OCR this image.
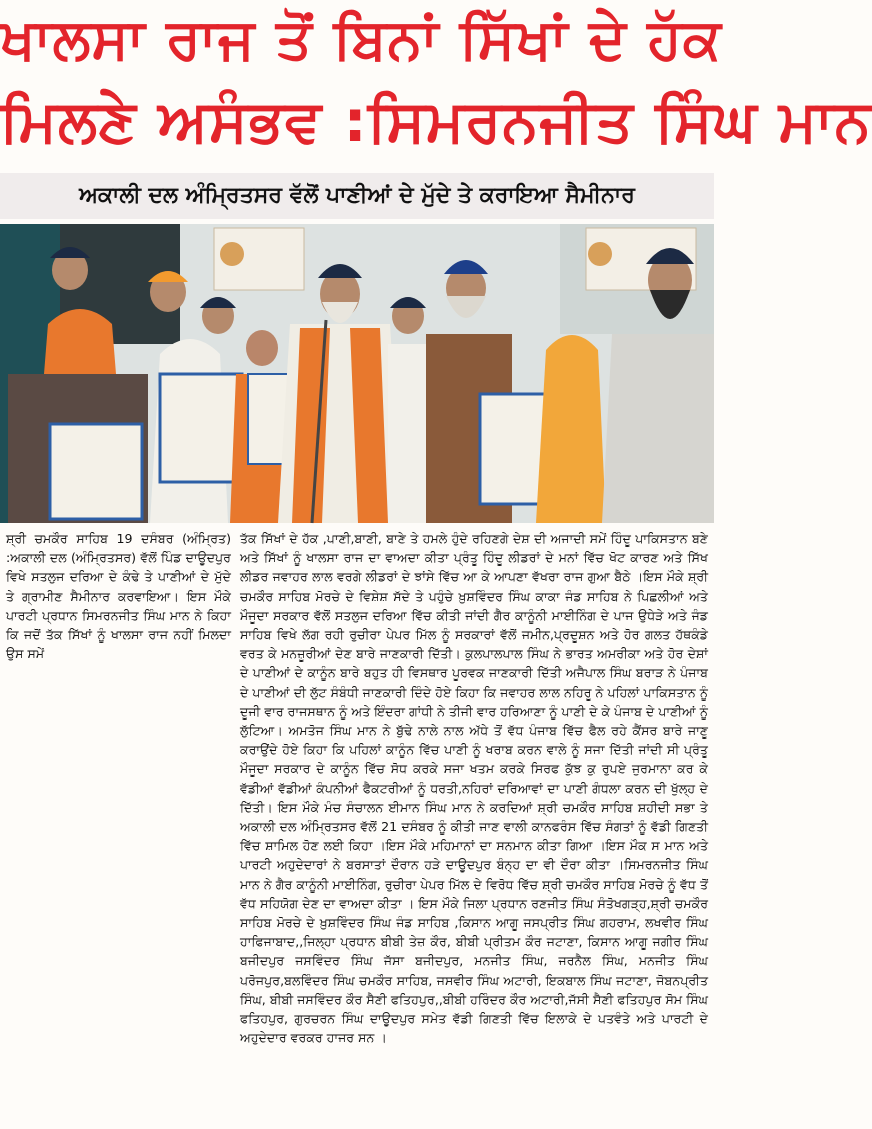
ਖਾਲਸਾ ਰਾਜ ਤੋਂ ਬਿਨਾਂ ਸਿੱਖਾਂ ਦੇ ਹੱਕ
ਮਿਲਣੇ ਅਸੰਭਵ :ਸਿਮਰਨਜੀਤ ਸਿੰਘ ਮਾਨ
ਅਕਾਲੀ ਦਲ ਅੰਮ੍ਰਿਤਸਰ ਵੱਲੋਂ ਪਾਣੀਆਂ ਦੇ ਮੁੱਦੇ ਤੇ ਕਰਾਇਆ ਸੈਮੀਨਾਰ

ਸ਼੍ਰੀ ਚਮਕੌਰ ਸਾਹਿਬ 19 ਦਸੰਬਰ (ਅੰਮ੍ਰਿਤ) :ਅਕਾਲੀ ਦਲ (ਅੰਮ੍ਰਿਤਸਰ) ਵੱਲੋਂ ਪਿੰਡ ਦਾਊਦਪੁਰ ਵਿਖੇ ਸਤਲੁਜ ਦਰਿਆ ਦੇ ਕੰਢੇ ਤੇ ਪਾਣੀਆਂ ਦੇ ਮੁੱਦੇ ਤੇ ਗ੍ਰਾਮੀਣ ਸੈਮੀਨਾਰ ਕਰਵਾਇਆ। ਇਸ ਮੌਕੇ ਪਾਰਟੀ ਪ੍ਰਧਾਨ ਸਿਮਰਨਜੀਤ ਸਿੰਘ ਮਾਨ ਨੇ ਕਿਹਾ ਕਿ ਜਦੋਂ ਤੱਕ ਸਿੱਖਾਂ ਨੂੰ ਖਾਲਸਾ ਰਾਜ ਨਹੀਂ ਮਿਲਦਾ ਉਸ ਸਮੇਂ

ਤੱਕ ਸਿੱਖਾਂ ਦੇ ਹੱਕ ,ਪਾਣੀ,ਬਾਣੀ, ਬਾਣੇ ਤੇ ਹਮਲੇ ਹੁੰਦੇ ਰਹਿਣਗੇ ਦੇਸ਼ ਦੀ ਅਜਾਦੀ ਸਮੇਂ ਹਿੰਦੂ ਪਾਕਿਸਤਾਨ ਬਣੇ ਅਤੇ ਸਿੱਖਾਂ ਨੂੰ ਖਾਲਸਾ ਰਾਜ ਦਾ ਵਾਅਦਾ ਕੀਤਾ ਪ੍ਰੰਤੂ ਹਿੰਦੂ ਲੀਡਰਾਂ ਦੇ ਮਨਾਂ ਵਿੱਚ ਖੋਟ ਕਾਰਣ ਅਤੇ ਸਿੱਖ ਲੀਡਰ ਜਵਾਹਰ ਲਾਲ ਵਰਗੇ ਲੀਡਰਾਂ ਦੇ ਝਾਂਸੇ ਵਿੱਚ ਆ ਕੇ ਆਪਣਾ ਵੱਖਰਾ ਰਾਜ ਗੁਆ ਬੈਠੇ ।ਇਸ ਮੌਕੇ ਸ਼੍ਰੀ ਚਮਕੌਰ ਸਾਹਿਬ ਮੋਰਚੇ ਦੇ ਵਿਸ਼ੇਸ਼ ਸੱਦੇ ਤੇ ਪਹੁੰਚੇ ਖ਼ੁਸ਼ਵਿੰਦਰ ਸਿੰਘ ਕਾਕਾ ਜੰਡ ਸਾਹਿਬ ਨੇ ਪਿਛਲੀਆਂ ਅਤੇ ਮੌਜੂਦਾ ਸਰਕਾਰ ਵੱਲੋਂ ਸਤਲੁਜ ਦਰਿਆ ਵਿੱਚ ਕੀਤੀ ਜਾਂਦੀ ਗੈਰ ਕਾਨੂੰਨੀ ਮਾਈਨਿੰਗ ਦੇ ਪਾਜ ਉਧੇੜੇ ਅਤੇ ਜੰਡ ਸਾਹਿਬ ਵਿਖੇ ਲੱਗ ਰਹੀ ਰੁਚੀਰਾ ਪੇਪਰ ਮਿੱਲ ਨੂੰ ਸਰਕਾਰਾਂ ਵੱਲੋਂ ਜਮੀਨ,ਪ੍ਰਦੂਸ਼ਨ ਅਤੇ ਹੋਰ ਗਲਤ ਹੱਥਕੰਡੇ ਵਰਤ ਕੇ ਮਨਜ਼ੂਰੀਆਂ ਦੇਣ ਬਾਰੇ ਜਾਣਕਾਰੀ ਦਿੱਤੀ। ਕੁਲਪਾਲਪਾਲ ਸਿੰਘ ਨੇ ਭਾਰਤ ਅਮਰੀਕਾ ਅਤੇ ਹੋਰ ਦੇਸ਼ਾਂ ਦੇ ਪਾਣੀਆਂ ਦੇ ਕਾਨੂੰਨ ਬਾਰੇ ਬਹੁਤ ਹੀ ਵਿਸਥਾਰ ਪੂਰਵਕ ਜਾਣਕਾਰੀ ਦਿੱਤੀ ਅਜੈਪਾਲ ਸਿੰਘ ਬਰਾੜ ਨੇ ਪੰਜਾਬ ਦੇ ਪਾਣੀਆਂ ਦੀ ਲੁੱਟ ਸੰਬੰਧੀ ਜਾਣਕਾਰੀ ਦਿੰਦੇ ਹੋਏ ਕਿਹਾ ਕਿ ਜਵਾਹਰ ਲਾਲ ਨਹਿਰੂ ਨੇ ਪਹਿਲਾਂ ਪਾਕਿਸਤਾਨ ਨੂੰ ਦੂਜੀ ਵਾਰ ਰਾਜਸਥਾਨ ਨੂੰ ਅਤੇ ਇੰਦਰਾ ਗਾਂਧੀ ਨੇ ਤੀਜੀ ਵਾਰ ਹਰਿਆਣਾ ਨੂੰ ਪਾਣੀ ਦੇ ਕੇ ਪੰਜਾਬ ਦੇ ਪਾਣੀਆਂ ਨੂੰ ਲੁੱਟਿਆ। ਅਮਤੋਜ ਸਿੰਘ ਮਾਨ ਨੇ ਬੁੱਢੇ ਨਾਲੇ ਨਾਲ ਅੱਧੇ ਤੋਂ ਵੱਧ ਪੰਜਾਬ ਵਿੱਚ ਫੈਲ ਰਹੇ ਕੈਂਸਰ ਬਾਰੇ ਜਾਣੂ ਕਰਾਉਂਦੇ ਹੋਏ ਕਿਹਾ ਕਿ ਪਹਿਲਾਂ ਕਾਨੂੰਨ ਵਿੱਚ ਪਾਣੀ ਨੂੰ ਖਰਾਬ ਕਰਨ ਵਾਲੇ ਨੂੰ ਸਜਾ ਦਿੱਤੀ ਜਾਂਦੀ ਸੀ ਪ੍ਰੰਤੂ ਮੌਜੂਦਾ ਸਰਕਾਰ ਦੇ ਕਾਨੂੰਨ ਵਿੱਚ ਸੋਧ ਕਰਕੇ ਸਜਾ ਖਤਮ ਕਰਕੇ ਸਿਰਫ ਕੁੱਝ ਕੁ ਰੁਪਏ ਜੁਰਮਾਨਾ ਕਰ ਕੇ ਵੱਡੀਆਂ ਵੱਡੀਆਂ ਕੰਪਨੀਆਂ ਫੈਕਟਰੀਆਂ ਨੂੰ ਧਰਤੀ,ਨਹਿਰਾਂ ਦਰਿਆਵਾਂ ਦਾ ਪਾਣੀ ਗੰਧਲਾ ਕਰਨ ਦੀ ਖੁੱਲ੍ਹ ਦੇ ਦਿੱਤੀ। ਇਸ ਮੌਕੇ ਮੰਚ ਸੰਚਾਲਨ ਈਮਾਨ ਸਿੰਘ ਮਾਨ ਨੇ ਕਰਦਿਆਂ ਸ਼੍ਰੀ ਚਮਕੌਰ ਸਾਹਿਬ ਸ਼ਹੀਦੀ ਸਭਾ ਤੇ ਅਕਾਲੀ ਦਲ ਅੰਮ੍ਰਿਤਸਰ ਵੱਲੋਂ 21 ਦਸੰਬਰ ਨੂੰ ਕੀਤੀ ਜਾਣ ਵਾਲੀ ਕਾਨਫਰੰਸ ਵਿੱਚ ਸੰਗਤਾਂ ਨੂੰ ਵੱਡੀ ਗਿਣਤੀ ਵਿੱਚ ਸ਼ਾਮਿਲ ਹੋਣ ਲਈ ਕਿਹਾ ।ਇਸ ਮੌਕੇ ਮਹਿਮਾਨਾਂ ਦਾ ਸਨਮਾਨ ਕੀਤਾ ਗਿਆ ।ਇਸ ਮੌਕ ਸ ਮਾਨ ਅਤੇ ਪਾਰਟੀ ਅਹੁਦੇਦਾਰਾਂ ਨੇ ਬਰਸਾਤਾਂ ਦੌਰਾਨ ਹੜੇ ਦਾਊਦਪੁਰ ਬੰਨ੍ਹ ਦਾ ਵੀ ਦੌਰਾ ਕੀਤਾ ।ਸਿਮਰਨਜੀਤ ਸਿੰਘ ਮਾਨ ਨੇ ਗੈਰ ਕਾਨੂੰਨੀ ਮਾਈਨਿੰਗ, ਰੁਚੀਰਾ ਪੇਪਰ ਮਿੱਲ ਦੇ ਵਿਰੋਧ ਵਿੱਚ ਸ਼੍ਰੀ ਚਮਕੌਰ ਸਾਹਿਬ ਮੋਰਚੇ ਨੂੰ ਵੱਧ ਤੋਂ ਵੱਧ ਸਹਿਯੋਗ ਦੇਣ ਦਾ ਵਾਅਦਾ ਕੀਤਾ । ਇਸ ਮੌਕੇ ਜਿਲਾ ਪ੍ਰਧਾਨ ਰਣਜੀਤ ਸਿੰਘ ਸੰਤੋਖਗੜ੍ਹ,ਸ਼੍ਰੀ ਚਮਕੌਰ ਸਾਹਿਬ ਮੋਰਚੇ ਦੇ ਖ਼ੁਸ਼ਵਿੰਦਰ ਸਿੰਘ ਜੰਡ ਸਾਹਿਬ ,ਕਿਸਾਨ ਆਗੂ ਜਸਪ੍ਰੀਤ ਸਿੰਘ ਗਹਰਾਮ, ਲਖਵੀਰ ਸਿੰਘ ਹਾਫਿਜਾਬਾਦ,,ਜਿਲ੍ਹਾ ਪ੍ਰਧਾਨ ਬੀਬੀ ਤੇਜ਼ ਕੌਰ, ਬੀਬੀ ਪ੍ਰੀਤਮ ਕੌਰ ਜਟਾਣਾ, ਕਿਸਾਨ ਆਗੂ ਜਗੀਰ ਸਿੰਘ ਬਜੀਦਪੁਰ ਜਸਵਿੰਦਰ ਸਿੰਘ ਜੱਸਾ ਬਜੀਦਪੁਰ, ਮਨਜੀਤ ਸਿੰਘ, ਜਰਨੈਲ ਸਿੰਘ, ਮਨਜੀਤ ਸਿੰਘ ਪਰੋਜਪੁਰ,ਬਲਵਿੰਦਰ ਸਿੰਘ ਚਮਕੌਰ ਸਾਹਿਬ, ਜਸਵੀਰ ਸਿੰਘ ਅਟਾਰੀ, ਇਕਬਾਲ ਸਿੰਘ ਜਟਾਣਾ, ਜੋਬਨਪ੍ਰੀਤ ਸਿੰਘ, ਬੀਬੀ ਜਸਵਿੰਦਰ ਕੌਰ ਸੈਣੀ ਫਤਿਹਪੁਰ,,ਬੀਬੀ ਹਰਿੰਦਰ ਕੌਰ ਅਟਾਰੀ,ਜੱਸੀ ਸੈਣੀ ਫਤਿਹਪੁਰ ਸੋਮ ਸਿੰਘ ਫਤਿਹਪੁਰ, ਗੁਰਚਰਨ ਸਿੰਘ ਦਾਊਦਪੁਰ ਸਮੇਤ ਵੱਡੀ ਗਿਣਤੀ ਵਿੱਚ ਇਲਾਕੇ ਦੇ ਪਤਵੰਤੇ ਅਤੇ ਪਾਰਟੀ ਦੇ ਅਹੁਦੇਦਾਰ ਵਰਕਰ ਹਾਜਰ ਸਨ ।
